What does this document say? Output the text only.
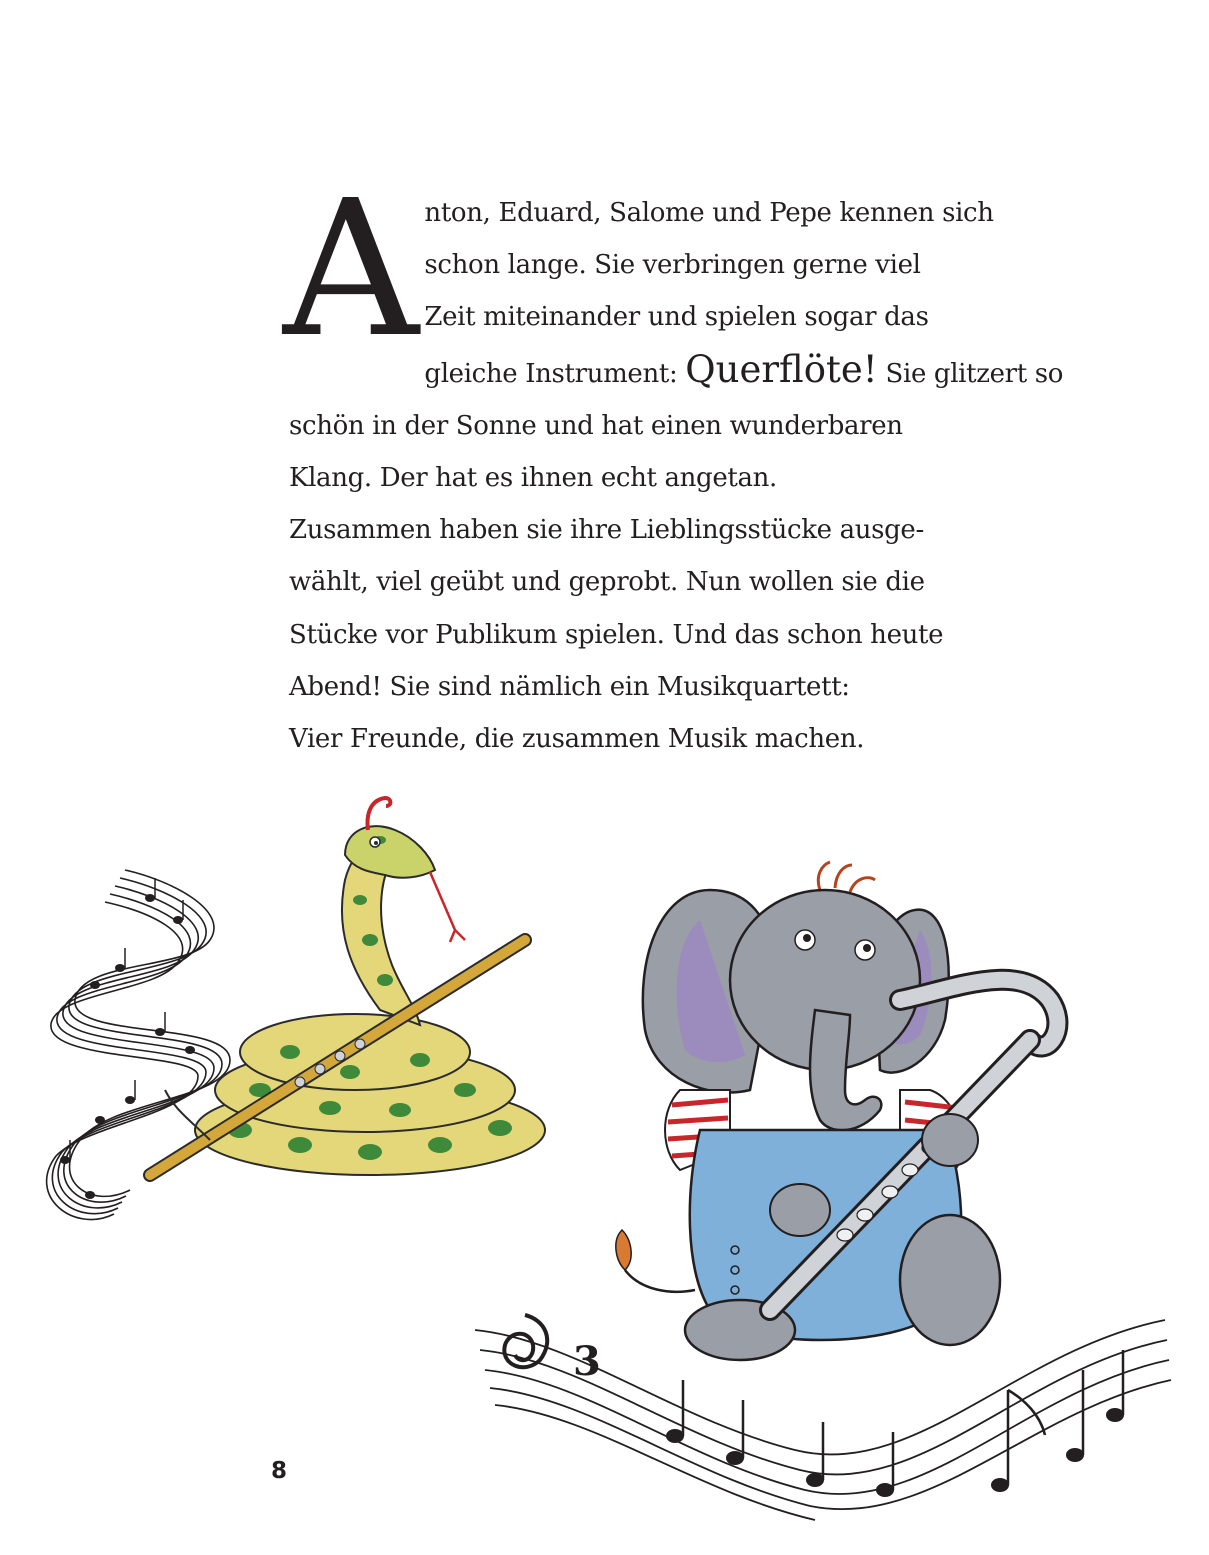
A nton, Eduard, Salome und Pepe kennen sich
schon lange. Sie verbringen gerne viel
Zeit miteinander und spielen sogar das
gleiche Instrument: Querflöte! Sie glitzert so
schön in der Sonne und hat einen wunderbaren
Klang. Der hat es ihnen echt angetan.
Zusammen haben sie ihre Lieblingsstücke ausge-
wählt, viel geübt und geprobt. Nun wollen sie die
Stücke vor Publikum spielen. Und das schon heute
Abend! Sie sind nämlich ein Musikquartett:
Vier Freunde, die zusammen Musik machen.
3
8
